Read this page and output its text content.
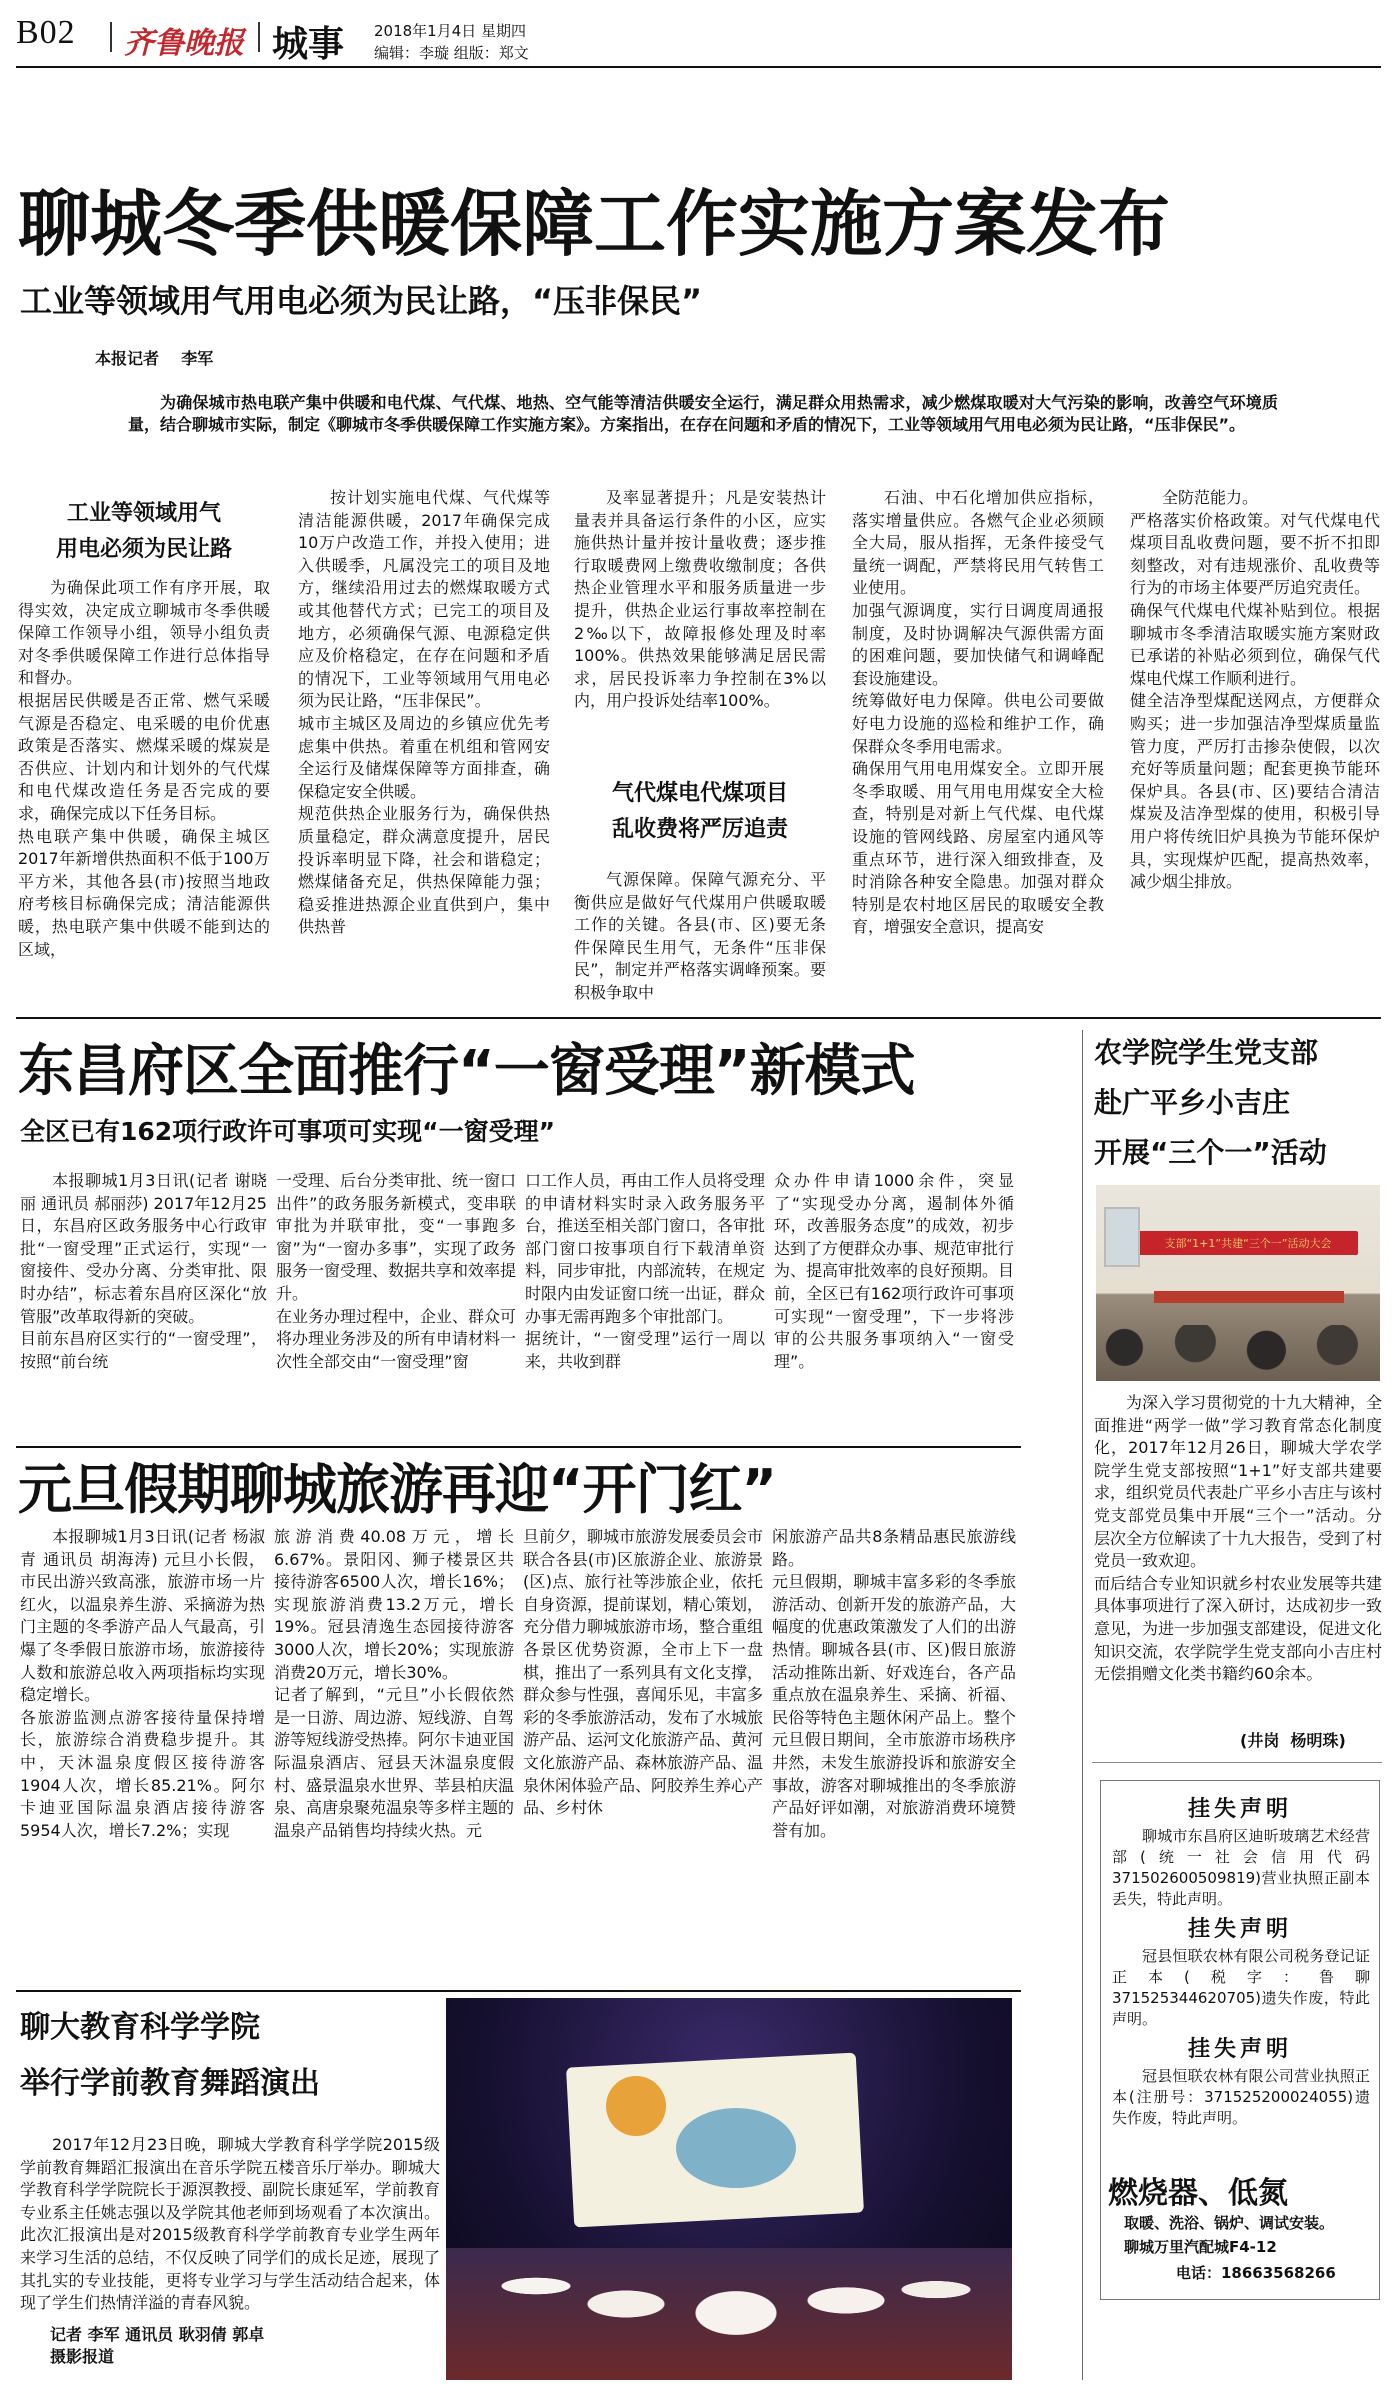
B02 齐鲁晚报 城事 2018年1月4日 星期四
编辑：李璇 组版：郑文
聊城冬季供暖保障工作实施方案发布
工业等领域用气用电必须为民让路，“压非保民”
本报记者    李军
为确保城市热电联产集中供暖和电代煤、气代煤、地热、空气能等清洁供暖安全运行，满足群众用热需求，减少燃煤取暖对大气污染的影响，改善空气环境质量，结合聊城市实际，制定《聊城市冬季供暖保障工作实施方案》。方案指出，在存在问题和矛盾的情况下，工业等领域用气用电必须为民让路，“压非保民”。
工业等领域用气
用电必须为民让路
为确保此项工作有序开展，取得实效，决定成立聊城市冬季供暖保障工作领导小组，领导小组负责对冬季供暖保障工作进行总体指导和督办。
根据居民供暖是否正常、燃气采暖气源是否稳定、电采暖的电价优惠政策是否落实、燃煤采暖的煤炭是否供应、计划内和计划外的气代煤和电代煤改造任务是否完成的要求，确保完成以下任务目标。
热电联产集中供暖，确保主城区2017年新增供热面积不低于100万平方米，其他各县(市)按照当地政府考核目标确保完成；清洁能源供暖，热电联产集中供暖不能到达的区域，
按计划实施电代煤、气代煤等清洁能源供暖，2017年确保完成10万户改造工作，并投入使用；进入供暖季，凡属没完工的项目及地方，继续沿用过去的燃煤取暖方式或其他替代方式；已完工的项目及地方，必须确保气源、电源稳定供应及价格稳定，在存在问题和矛盾的情况下，工业等领域用气用电必须为民让路，“压非保民”。
城市主城区及周边的乡镇应优先考虑集中供热。着重在机组和管网安全运行及储煤保障等方面排查，确保稳定安全供暖。
规范供热企业服务行为，确保供热质量稳定，群众满意度提升，居民投诉率明显下降，社会和谐稳定；燃煤储备充足，供热保障能力强；稳妥推进热源企业直供到户，集中供热普
及率显著提升；凡是安装热计量表并具备运行条件的小区，应实施供热计量并按计量收费；逐步推行取暖费网上缴费收缴制度；各供热企业管理水平和服务质量进一步提升，供热企业运行事故率控制在2‰以下，故障报修处理及时率100%。供热效果能够满足居民需求，居民投诉率力争控制在3%以内，用户投诉处结率100%。
气代煤电代煤项目
乱收费将严厉追责
气源保障。保障气源充分、平衡供应是做好气代煤用户供暖取暖工作的关键。各县(市、区)要无条件保障民生用气，无条件“压非保民”，制定并严格落实调峰预案。要积极争取中
石油、中石化增加供应指标，落实增量供应。各燃气企业必须顾全大局，服从指挥，无条件接受气量统一调配，严禁将民用气转售工业使用。
加强气源调度，实行日调度周通报制度，及时协调解决气源供需方面的困难问题，要加快储气和调峰配套设施建设。
统筹做好电力保障。供电公司要做好电力设施的巡检和维护工作，确保群众冬季用电需求。
确保用气用电用煤安全。立即开展冬季取暖、用气用电用煤安全大检查，特别是对新上气代煤、电代煤设施的管网线路、房屋室内通风等重点环节，进行深入细致排查，及时消除各种安全隐患。加强对群众特别是农村地区居民的取暖安全教育，增强安全意识，提高安
全防范能力。
严格落实价格政策。对气代煤电代煤项目乱收费问题，要不折不扣即刻整改，对有违规涨价、乱收费等行为的市场主体要严厉追究责任。
确保气代煤电代煤补贴到位。根据聊城市冬季清洁取暖实施方案财政已承诺的补贴必须到位，确保气代煤电代煤工作顺利进行。
健全洁净型煤配送网点，方便群众购买；进一步加强洁净型煤质量监管力度，严厉打击掺杂使假，以次充好等质量问题；配套更换节能环保炉具。各县(市、区)要结合清洁煤炭及洁净型煤的使用，积极引导用户将传统旧炉具换为节能环保炉具，实现煤炉匹配，提高热效率，减少烟尘排放。
东昌府区全面推行“一窗受理”新模式
全区已有162项行政许可事项可实现“一窗受理”
本报聊城1月3日讯(记者 谢晓丽 通讯员 郝丽莎) 2017年12月25日，东昌府区政务服务中心行政审批“一窗受理”正式运行，实现“一窗接件、受办分离、分类审批、限时办结”，标志着东昌府区深化“放管服”改革取得新的突破。
目前东昌府区实行的“一窗受理”，按照“前台统
一受理、后台分类审批、统一窗口出件”的政务服务新模式，变串联审批为并联审批，变“一事跑多窗”为“一窗办多事”，实现了政务服务一窗受理、数据共享和效率提升。
在业务办理过程中，企业、群众可将办理业务涉及的所有申请材料一次性全部交由“一窗受理”窗
口工作人员，再由工作人员将受理的申请材料实时录入政务服务平台，推送至相关部门窗口，各审批部门窗口按事项自行下载清单资料，同步审批，内部流转，在规定时限内由发证窗口统一出证，群众办事无需再跑多个审批部门。
据统计，“一窗受理”运行一周以来，共收到群
众办件申请1000余件，突显了“实现受办分离，遏制体外循环，改善服务态度”的成效，初步达到了方便群众办事、规范审批行为、提高审批效率的良好预期。目前，全区已有162项行政许可事项可实现“一窗受理”，下一步将涉审的公共服务事项纳入“一窗受理”。
元旦假期聊城旅游再迎“开门红”
本报聊城1月3日讯(记者 杨淑青 通讯员 胡海涛) 元旦小长假，市民出游兴致高涨，旅游市场一片红火，以温泉养生游、采摘游为热门主题的冬季游产品人气最高，引爆了冬季假日旅游市场，旅游接待人数和旅游总收入两项指标均实现稳定增长。
各旅游监测点游客接待量保持增长，旅游综合消费稳步提升。其中，天沐温泉度假区接待游客1904人次，增长85.21%。阿尔卡迪亚国际温泉酒店接待游客5954人次，增长7.2%；实现
旅游消费40.08万元，增长6.67%。景阳冈、狮子楼景区共接待游客6500人次，增长16%；实现旅游消费13.2万元，增长19%。冠县清逸生态园接待游客3000人次，增长20%；实现旅游消费20万元，增长30%。
记者了解到，“元旦”小长假依然是一日游、周边游、短线游、自驾游等短线游受热捧。阿尔卡迪亚国际温泉酒店、冠县天沐温泉度假村、盛景温泉水世界、莘县柏庆温泉、高唐泉聚苑温泉等多样主题的温泉产品销售均持续火热。元
旦前夕，聊城市旅游发展委员会市联合各县(市)区旅游企业、旅游景(区)点、旅行社等涉旅企业，依托自身资源，提前谋划，精心策划，充分借力聊城旅游市场，整合重组各景区优势资源，全市上下一盘棋，推出了一系列具有文化支撑，群众参与性强，喜闻乐见，丰富多彩的冬季旅游活动，发布了水城旅游产品、运河文化旅游产品、黄河文化旅游产品、森林旅游产品、温泉休闲体验产品、阿胶养生养心产品、乡村休
闲旅游产品共8条精品惠民旅游线路。
元旦假期，聊城丰富多彩的冬季旅游活动、创新开发的旅游产品，大幅度的优惠政策激发了人们的出游热情。聊城各县(市、区)假日旅游活动推陈出新、好戏连台，各产品重点放在温泉养生、采摘、祈福、民俗等特色主题休闲产品上。整个元旦假日期间，全市旅游市场秩序井然，未发生旅游投诉和旅游安全事故，游客对聊城推出的冬季旅游产品好评如潮，对旅游消费环境赞誉有加。
农学院学生党支部
赴广平乡小吉庄
开展“三个一”活动
支部“1+1”共建“三个一”活动大会
为深入学习贯彻党的十九大精神，全面推进“两学一做”学习教育常态化制度化，2017年12月26日，聊城大学农学院学生党支部按照“1+1”好支部共建要求，组织党员代表赴广平乡小吉庄与该村党支部党员集中开展“三个一”活动。分层次全方位解读了十九大报告，受到了村党员一致欢迎。
而后结合专业知识就乡村农业发展等共建具体事项进行了深入研讨，达成初步一致意见，为进一步加强支部建设，促进文化知识交流，农学院学生党支部向小吉庄村无偿捐赠文化类书籍约60余本。
(井岗  杨明珠)
挂失声明
聊城市东昌府区迪昕玻璃艺术经营部(统一社会信用代码371502600509819)营业执照正副本丢失，特此声明。
挂失声明
冠县恒联农林有限公司税务登记证正本(税字：鲁聊371525344620705)遗失作废，特此声明。
挂失声明
冠县恒联农林有限公司营业执照正本(注册号：371525200024055)遗失作废，特此声明。
燃烧器、低氮
取暖、洗浴、锅炉、调试安装。
聊城万里汽配城F4-12
电话：18663568266
聊大教育科学学院
举行学前教育舞蹈演出
2017年12月23日晚，聊城大学教育科学学院2015级学前教育舞蹈汇报演出在音乐学院五楼音乐厅举办。聊城大学教育科学学院院长于源溟教授、副院长康延军，学前教育专业系主任姚志强以及学院其他老师到场观看了本次演出。此次汇报演出是对2015级教育科学学前教育专业学生两年来学习生活的总结，不仅反映了同学们的成长足迹，展现了其扎实的专业技能，更将专业学习与学生活动结合起来，体现了学生们热情洋溢的青春风貌。
记者 李军 通讯员 耿羽倩 郭卓
摄影报道
